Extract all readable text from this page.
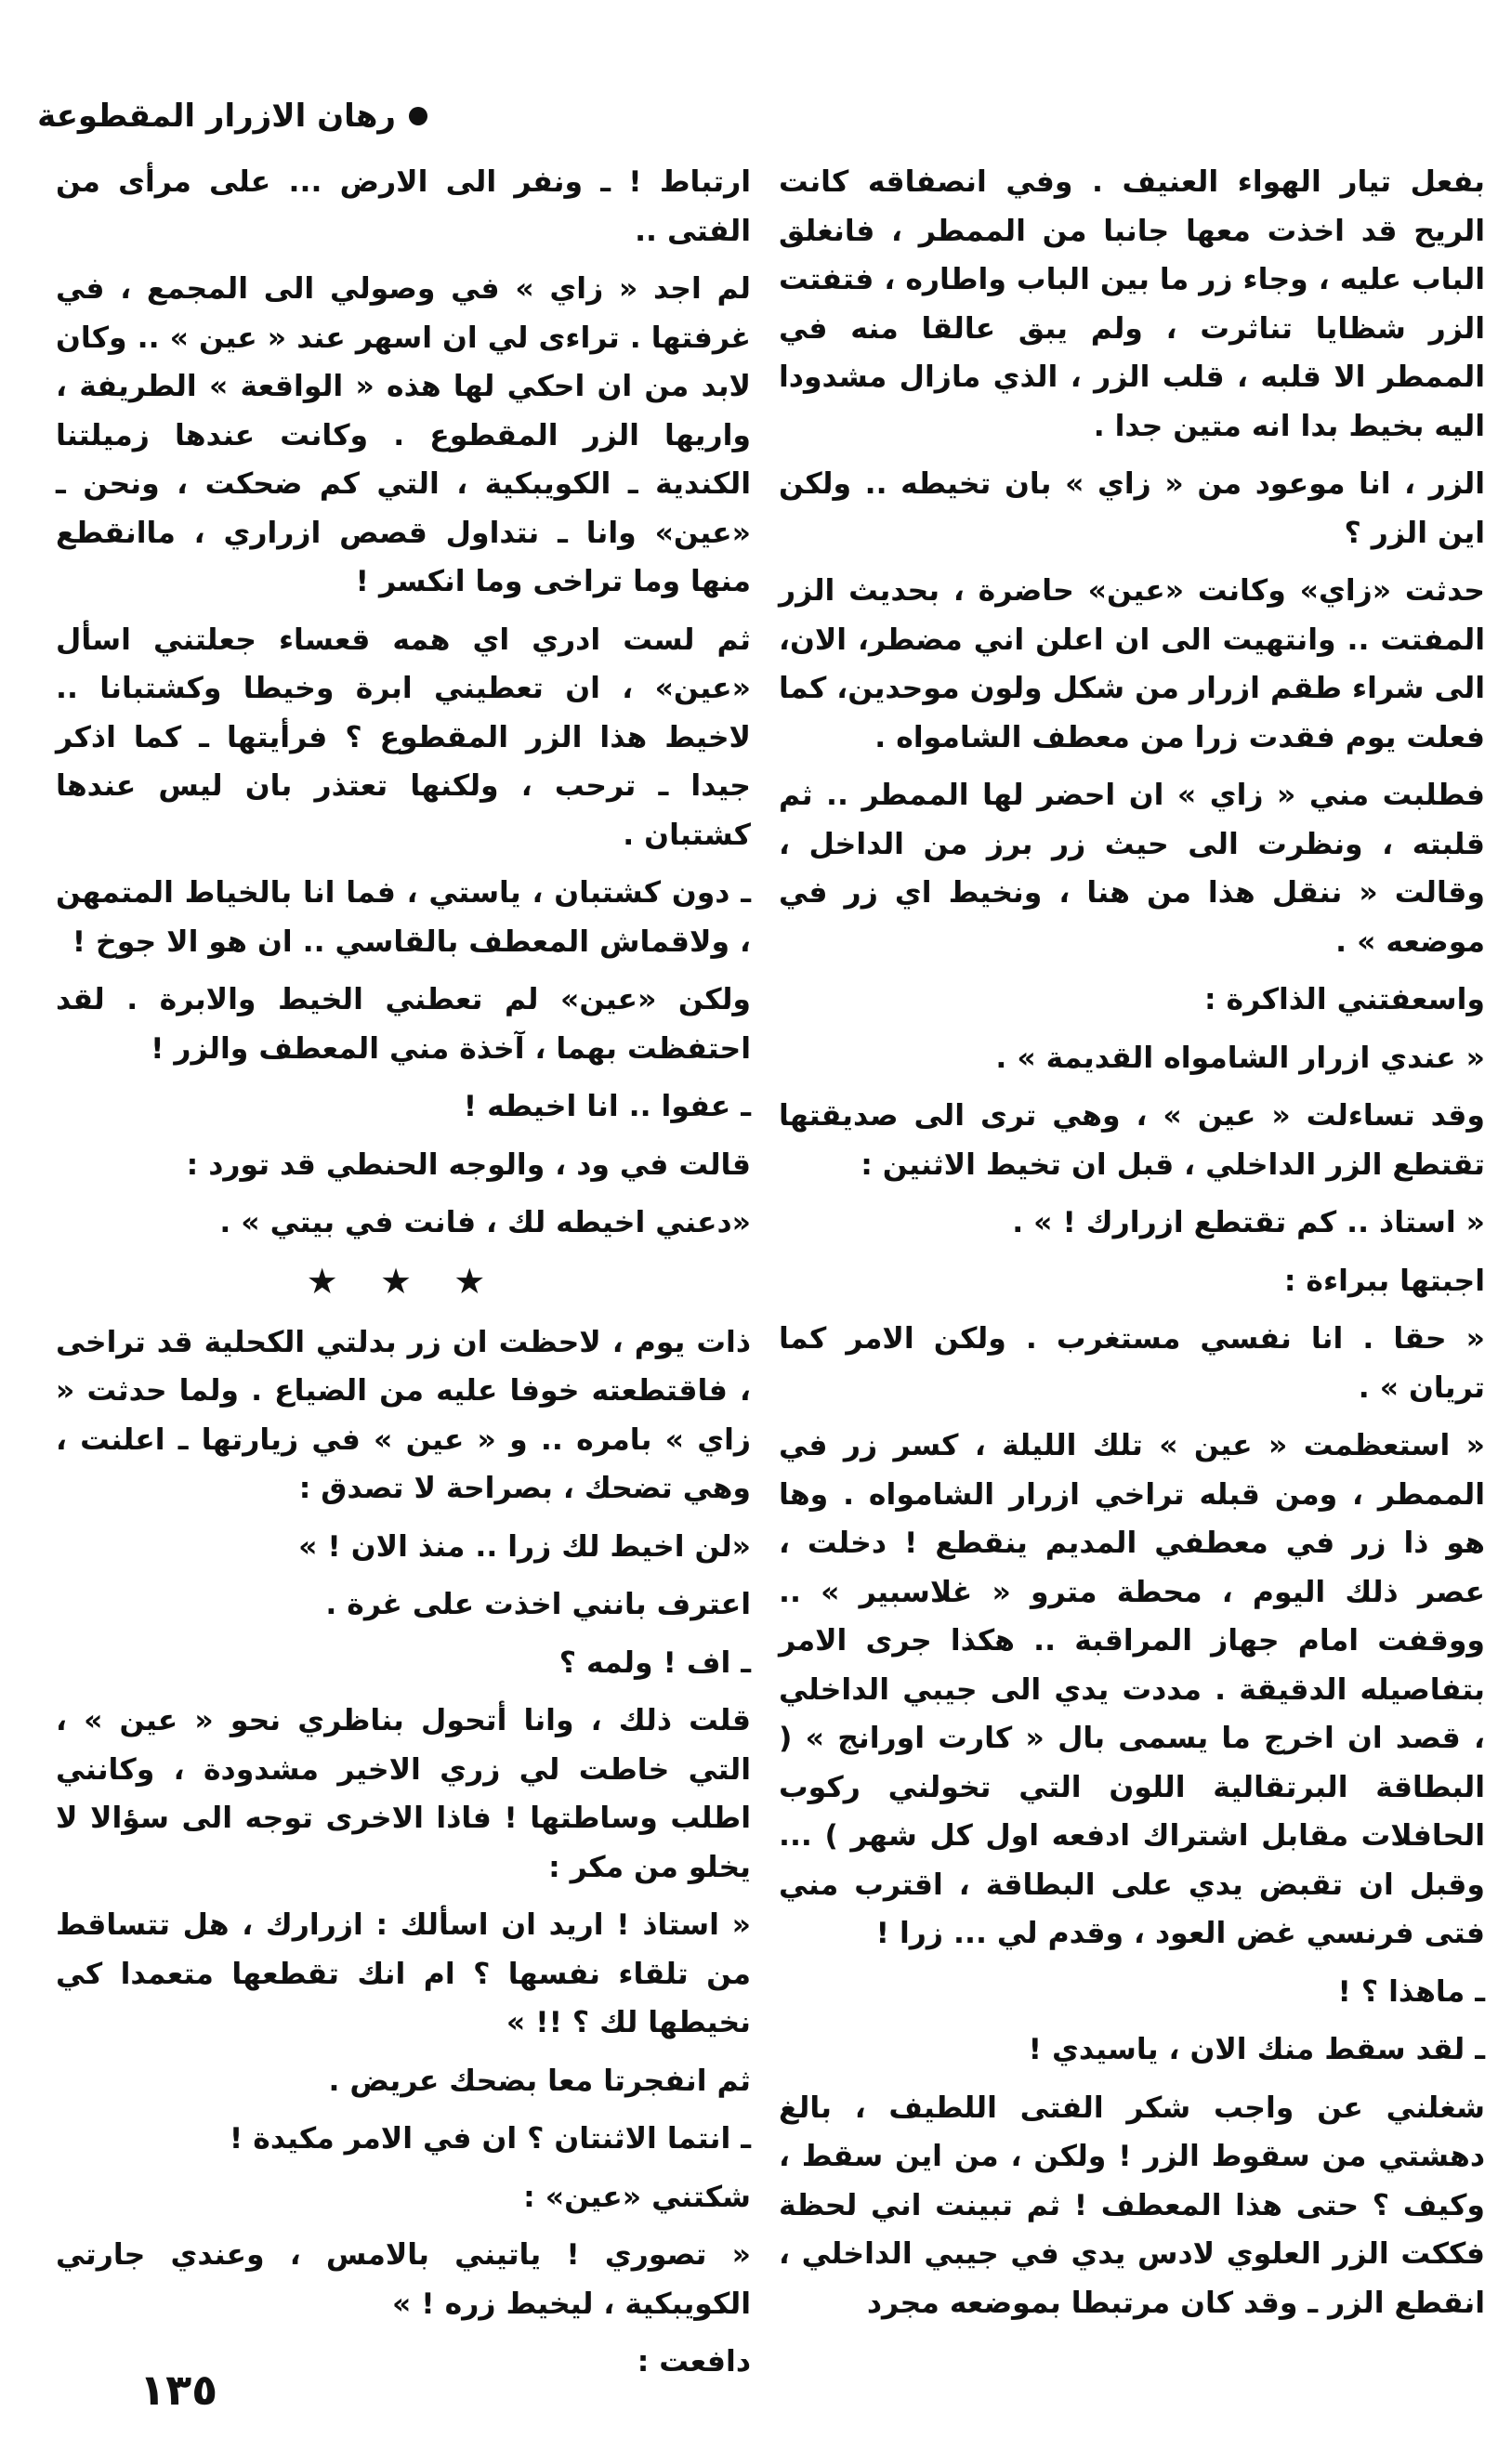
رهان الازرار المقطوعة

بفعل تيار الهواء العنيف . وفي انصفاقه كانت الريح قد اخذت معها جانبا من الممطر ، فانغلق الباب عليه ، وجاء زر ما بين الباب واطاره ، فتفتت الزر شظايا تناثرت ، ولم يبق عالقا منه في الممطر الا قلبه ، قلب الزر ، الذي مازال مشدودا اليه بخيط بدا انه متين جدا .

الزر ، انا موعود من « زاي » بان تخيطه .. ولكن اين الزر ؟

حدثت «زاي» وكانت «عين» حاضرة ، بحديث الزر المفتت .. وانتهيت الى ان اعلن اني مضطر، الان، الى شراء طقم ازرار من شكل ولون موحدين، كما فعلت يوم فقدت زرا من معطف الشامواه .

فطلبت مني « زاي » ان احضر لها الممطر .. ثم قلبته ، ونظرت الى حيث زر برز من الداخل ، وقالت « ننقل هذا من هنا ، ونخيط اي زر في موضعه » .

واسعفتني الذاكرة :

« عندي ازرار الشامواه القديمة » .

وقد تساءلت « عين » ، وهي ترى الى صديقتها تقتطع الزر الداخلي ، قبل ان تخيط الاثنين :

« استاذ .. كم تقتطع ازرارك ! » .

اجبتها ببراءة :

« حقا . انا نفسي مستغرب . ولكن الامر كما تريان » .

« استعظمت « عين » تلك الليلة ، كسر زر في الممطر ، ومن قبله تراخي ازرار الشامواه . وها هو ذا زر في معطفي المديم ينقطع ! دخلت ، عصر ذلك اليوم ، محطة مترو « غلاسبير » .. ووقفت امام جهاز المراقبة .. هكذا جرى الامر بتفاصيله الدقيقة . مددت يدي الى جيبي الداخلي ، قصد ان اخرج ما يسمى بال « كارت اورانج » ( البطاقة البرتقالية اللون التي تخولني ركوب الحافلات مقابل اشتراك ادفعه اول كل شهر ) ... وقبل ان تقبض يدي على البطاقة ، اقترب مني فتى فرنسي غض العود ، وقدم لي ... زرا !

ـ ماهذا ؟ !

ـ لقد سقط منك الان ، ياسيدي !

شغلني عن واجب شكر الفتى اللطيف ، بالغ دهشتي من سقوط الزر ! ولكن ، من اين سقط ، وكيف ؟ حتى هذا المعطف ! ثم تبينت اني لحظة فككت الزر العلوي لادس يدي في جيبي الداخلي ، انقطع الزر ـ وقد كان مرتبطا بموضعه مجرد

ارتباط ! ـ ونفر الى الارض ... على مرأى من الفتى ..

لم اجد « زاي » في وصولي الى المجمع ، في غرفتها . تراءى لي ان اسهر عند « عين » .. وكان لابد من ان احكي لها هذه « الواقعة » الطريفة ، واريها الزر المقطوع . وكانت عندها زميلتنا الكندية ـ الكويبكية ، التي كم ضحكت ، ونحن ـ «عين» وانا ـ نتداول قصص ازراري ، ماانقطع منها وما تراخى وما انكسر !

ثم لست ادري اي همه قعساء جعلتني اسأل «عين» ، ان تعطيني ابرة وخيطا وكشتبانا .. لاخيط هذا الزر المقطوع ؟ فرأيتها ـ كما اذكر جيدا ـ ترحب ، ولكنها تعتذر بان ليس عندها كشتبان .

ـ دون كشتبان ، ياستي ، فما انا بالخياط المتمهن ، ولاقماش المعطف بالقاسي .. ان هو الا جوخ !

ولكن «عين» لم تعطني الخيط والابرة . لقد احتفظت بهما ، آخذة مني المعطف والزر !

ـ عفوا .. انا اخيطه !

قالت في ود ، والوجه الحنطي قد تورد :

«دعني اخيطه لك ، فانت في بيتي » .

★ ★ ★

ذات يوم ، لاحظت ان زر بدلتي الكحلية قد تراخى ، فاقتطعته خوفا عليه من الضياع . ولما حدثت « زاي » بامره .. و « عين » في زيارتها ـ اعلنت ، وهي تضحك ، بصراحة لا تصدق :

«لن اخيط لك زرا .. منذ الان ! »

اعترف بانني اخذت على غرة .

ـ اف ! ولمه ؟

قلت ذلك ، وانا أتحول بناظري نحو « عين » ، التي خاطت لي زري الاخير مشدودة ، وكانني اطلب وساطتها ! فاذا الاخرى توجه الى سؤالا لا يخلو من مكر :

« استاذ ! اريد ان اسألك : ازرارك ، هل تتساقط من تلقاء نفسها ؟ ام انك تقطعها متعمدا كي نخيطها لك ؟ !! »

ثم انفجرتا معا بضحك عريض .

ـ انتما الاثنتان ؟ ان في الامر مكيدة !

شكتني «عين» :

« تصوري ! ياتيني بالامس ، وعندي جارتي الكويبكية ، ليخيط زره ! »

دافعت :

١٣٥
